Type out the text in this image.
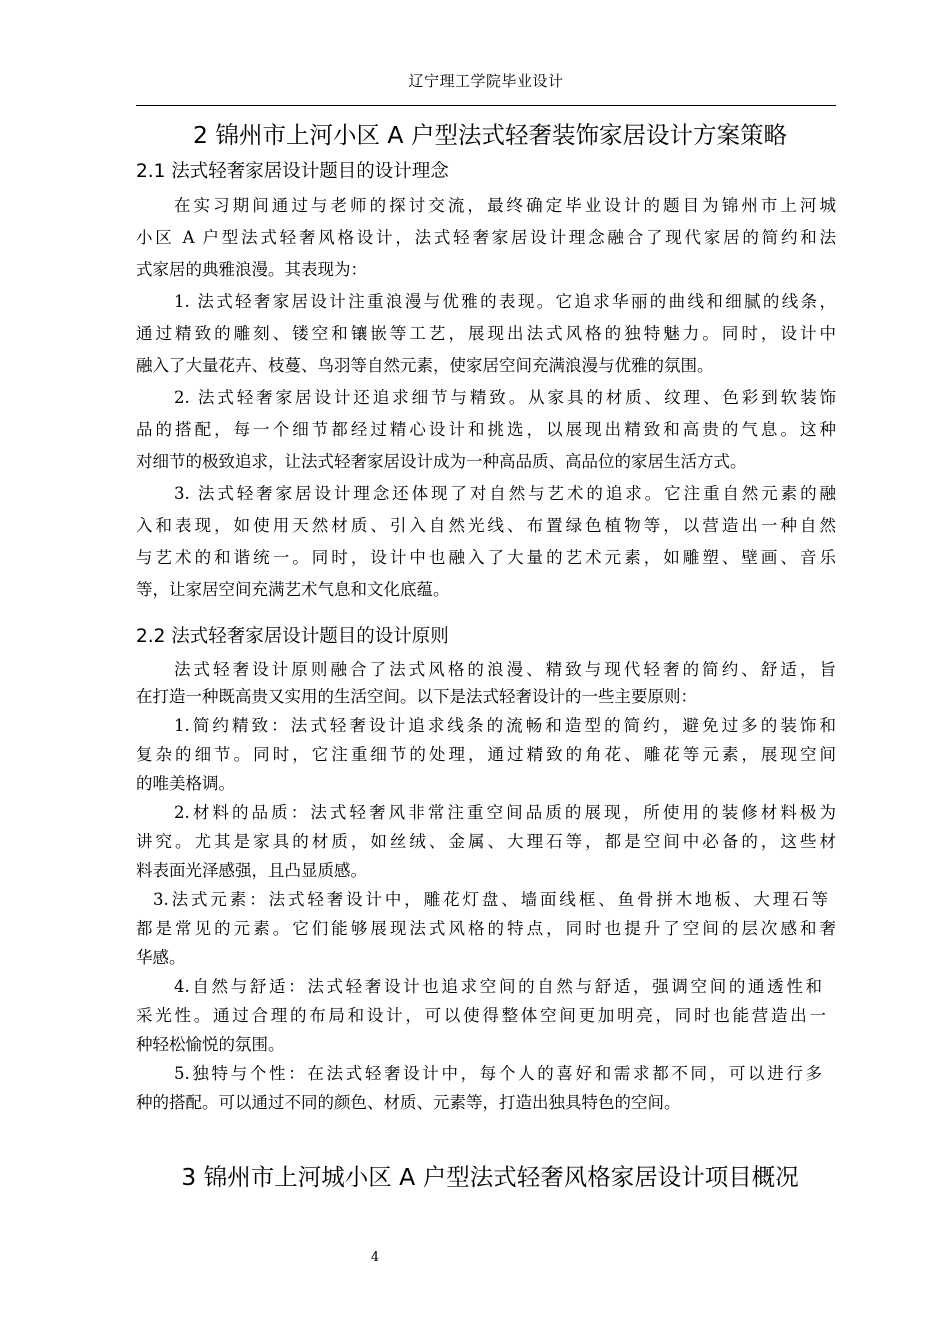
辽宁理工学院毕业设计
2 锦州市上河小区 A 户型法式轻奢装饰家居设计方案策略
2.1 法式轻奢家居设计题目的设计理念
在实习期间通过与老师的探讨交流，最终确定毕业设计的题目为锦州市上河城
小区 A 户型法式轻奢风格设计，法式轻奢家居设计理念融合了现代家居的简约和法
式家居的典雅浪漫。其表现为：
1. 法式轻奢家居设计注重浪漫与优雅的表现。它追求华丽的曲线和细腻的线条，
通过精致的雕刻、镂空和镶嵌等工艺，展现出法式风格的独特魅力。同时，设计中
融入了大量花卉、枝蔓、鸟羽等自然元素，使家居空间充满浪漫与优雅的氛围。
2. 法式轻奢家居设计还追求细节与精致。从家具的材质、纹理、色彩到软装饰
品的搭配，每一个细节都经过精心设计和挑选，以展现出精致和高贵的气息。这种
对细节的极致追求，让法式轻奢家居设计成为一种高品质、高品位的家居生活方式。
3. 法式轻奢家居设计理念还体现了对自然与艺术的追求。它注重自然元素的融
入和表现，如使用天然材质、引入自然光线、布置绿色植物等，以营造出一种自然
与艺术的和谐统一。同时，设计中也融入了大量的艺术元素，如雕塑、壁画、音乐
等，让家居空间充满艺术气息和文化底蕴。
2.2 法式轻奢家居设计题目的设计原则
法式轻奢设计原则融合了法式风格的浪漫、精致与现代轻奢的简约、舒适，旨
在打造一种既高贵又实用的生活空间。以下是法式轻奢设计的一些主要原则：
1.简约精致：法式轻奢设计追求线条的流畅和造型的简约，避免过多的装饰和
复杂的细节。同时，它注重细节的处理，通过精致的角花、雕花等元素，展现空间
的唯美格调。
2.材料的品质：法式轻奢风非常注重空间品质的展现，所使用的装修材料极为
讲究。尤其是家具的材质，如丝绒、金属、大理石等，都是空间中必备的，这些材
料表面光泽感强，且凸显质感。
3.法式元素：法式轻奢设计中，雕花灯盘、墙面线框、鱼骨拼木地板、大理石等
都是常见的元素。它们能够展现法式风格的特点，同时也提升了空间的层次感和奢
华感。
4.自然与舒适：法式轻奢设计也追求空间的自然与舒适，强调空间的通透性和
采光性。通过合理的布局和设计，可以使得整体空间更加明亮，同时也能营造出一
种轻松愉悦的氛围。
5.独特与个性：在法式轻奢设计中，每个人的喜好和需求都不同，可以进行多
种的搭配。可以通过不同的颜色、材质、元素等，打造出独具特色的空间。
3 锦州市上河城小区 A 户型法式轻奢风格家居设计项目概况
4
